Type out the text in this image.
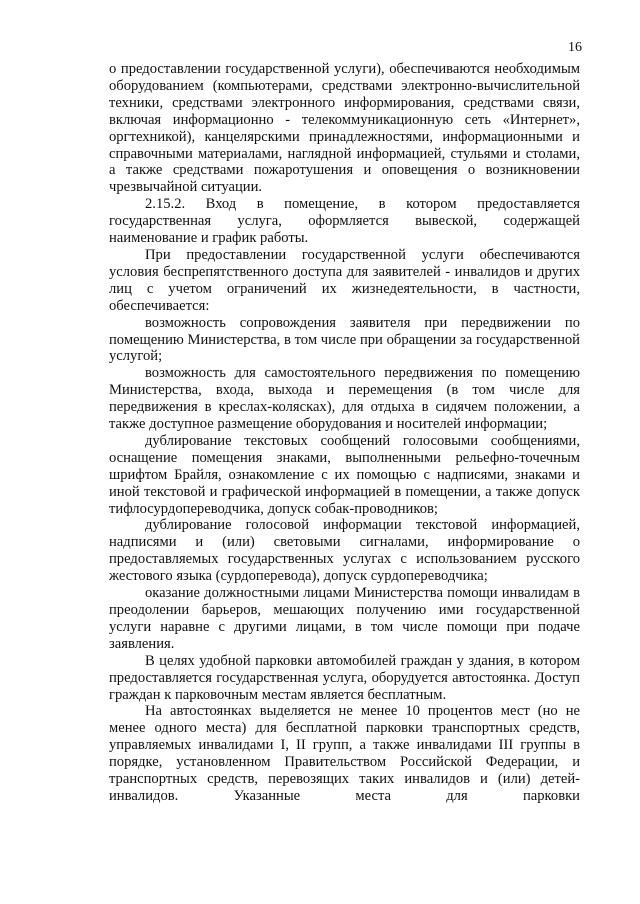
16

о предоставлении государственной услуги), обеспечиваются необходимым оборудованием (компьютерами, средствами электронно-вычислительной техники, средствами электронного информирования, средствами связи, включая информационно - телекоммуникационную сеть «Интернет», оргтехникой), канцелярскими принадлежностями, информационными и справочными материалами, наглядной информацией, стульями и столами, а также средствами пожаротушения и оповещения о возникновении чрезвычайной ситуации.

2.15.2. Вход в помещение, в котором предоставляется государственная услуга, оформляется вывеской, содержащей наименование и график работы.

При предоставлении государственной услуги обеспечиваются условия беспрепятственного доступа для заявителей - инвалидов и других лиц с учетом ограничений их жизнедеятельности, в частности, обеспечивается:

возможность сопровождения заявителя при передвижении по помещению Министерства, в том числе при обращении за государственной услугой;

возможность для самостоятельного передвижения по помещению Министерства, входа, выхода и перемещения (в том числе для передвижения в креслах-колясках), для отдыха в сидячем положении, а также доступное размещение оборудования и носителей информации;

дублирование текстовых сообщений голосовыми сообщениями, оснащение помещения знаками, выполненными рельефно-точечным шрифтом Брайля, ознакомление с их помощью с надписями, знаками и иной текстовой и графической информацией в помещении, а также допуск тифлосурдопереводчика, допуск собак-проводников;

дублирование голосовой информации текстовой информацией, надписями и (или) световыми сигналами, информирование о предоставляемых государственных услугах с использованием русского жестового языка (сурдоперевода), допуск сурдопереводчика;

оказание должностными лицами Министерства помощи инвалидам в преодолении барьеров, мешающих получению ими государственной услуги наравне с другими лицами, в том числе помощи при подаче заявления.

В целях удобной парковки автомобилей граждан у здания, в котором предоставляется государственная услуга, оборудуется автостоянка. Доступ граждан к парковочным местам является бесплатным.

На автостоянках выделяется не менее 10 процентов мест (но не менее одного места) для бесплатной парковки транспортных средств, управляемых инвалидами I, II групп, а также инвалидами III группы в порядке, установленном Правительством Российской Федерации, и транспортных средств, перевозящих таких инвалидов и (или) детей-инвалидов. Указанные места для парковки
